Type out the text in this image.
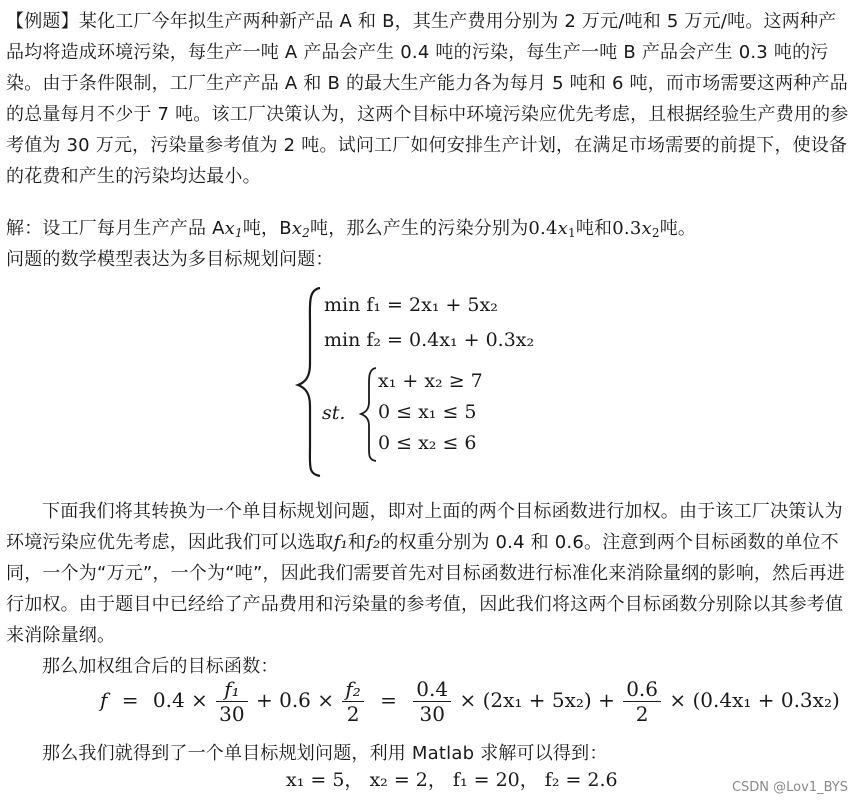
【例题】某化工厂今年拟生产两种新产品 A 和 B，其生产费用分别为 2 万元/吨和 5 万元/吨。这两种产品均将造成环境污染，每生产一吨 A 产品会产生 0.4 吨的污染，每生产一吨 B 产品会产生 0.3 吨的污染。由于条件限制，工厂生产产品 A 和 B 的最大生产能力各为每月 5 吨和 6 吨，而市场需要这两种产品的总量每月不少于 7 吨。该工厂决策认为，这两个目标中环境污染应优先考虑，且根据经验生产费用的参考值为 30 万元，污染量参考值为 2 吨。试问工厂如何安排生产计划，在满足市场需要的前提下，使设备的花费和产生的污染均达最小。
解：设工厂每月生产产品 $Ax_1$吨，$Bx_2$吨，那么产生的污染分别为$0.4x_1$吨和$0.3x_2$吨。
问题的数学模型表达为多目标规划问题：
min f₁ = 2x₁ + 5x₂
min f₂ = 0.4x₁ + 0.3x₂
st.
x₁ + x₂ ≥ 7
0 ≤ x₁ ≤ 5
0 ≤ x₂ ≤ 6
下面我们将其转换为一个单目标规划问题，即对上面的两个目标函数进行加权。由于该工厂决策认为环境污染应优先考虑，因此我们可以选取f₁和f₂的权重分别为 0.4 和 0.6。注意到两个目标函数的单位不同，一个为“万元”，一个为“吨”，因此我们需要首先对目标函数进行标准化来消除量纲的影响，然后再进行加权。由于题目中已经给了产品费用和污染量的参考值，因此我们将这两个目标函数分别除以其参考值来消除量纲。
那么加权组合后的目标函数：
$f = 0.4 \times \frac{\text{f₁}}{30} + 0.6 \times \frac{\text{f₂}}{2} = \frac{0.4}{30} \times (2x_1 + 5x_2) + \frac{0.6}{2} \times (0.4x_1 + 0.3x_2)$
那么我们就得到了一个单目标规划问题，利用 Matlab 求解可以得到：
x₁ = 5， x₂ = 2， f₁ = 20， f₂ = 2.6	CSDN @Lov1_BYS
